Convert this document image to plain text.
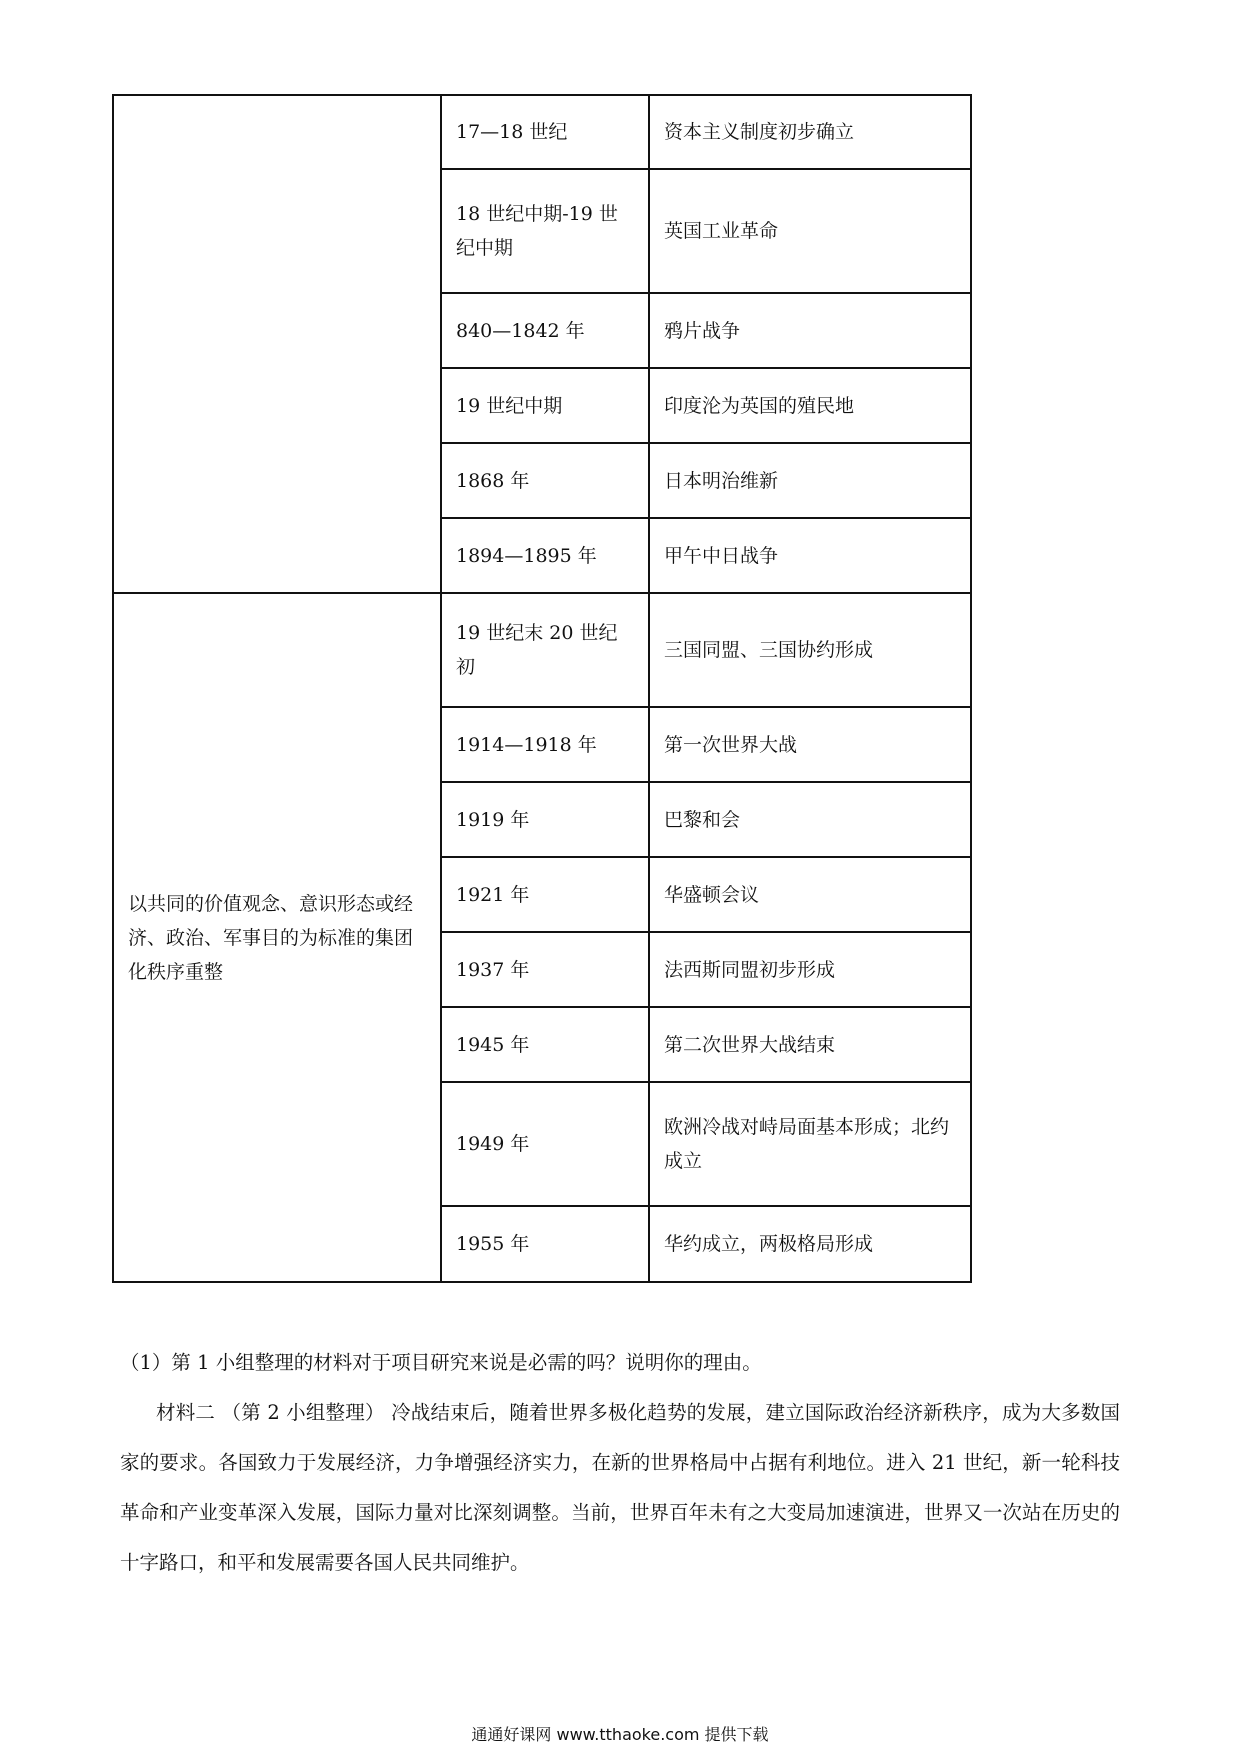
	17—18 世纪	资本主义制度初步确立
	18 世纪中期-19 世纪中期	英国工业革命
	840—1842 年	鸦片战争
	19 世纪中期	印度沦为英国的殖民地
	1868 年	日本明治维新
	1894—1895 年	甲午中日战争
以共同的价值观念、意识形态或经济、政治、军事目的为标准的集团化秩序重整	19 世纪末 20 世纪初	三国同盟、三国协约形成
	1914—1918 年	第一次世界大战
	1919 年	巴黎和会
	1921 年	华盛顿会议
	1937 年	法西斯同盟初步形成
	1945 年	第二次世界大战结束
	1949 年	欧洲冷战对峙局面基本形成；北约成立
	1955 年	华约成立，两极格局形成

（1）第 1 小组整理的材料对于项目研究来说是必需的吗？说明你的理由。

材料二 （第 2 小组整理） 冷战结束后，随着世界多极化趋势的发展，建立国际政治经济新秩序，成为大多数国家的要求。各国致力于发展经济，力争增强经济实力，在新的世界格局中占据有利地位。进入 21 世纪，新一轮科技革命和产业变革深入发展，国际力量对比深刻调整。当前，世界百年未有之大变局加速演进，世界又一次站在历史的十字路口，和平和发展需要各国人民共同维护。

通通好课网 www.tthaoke.com 提供下载
